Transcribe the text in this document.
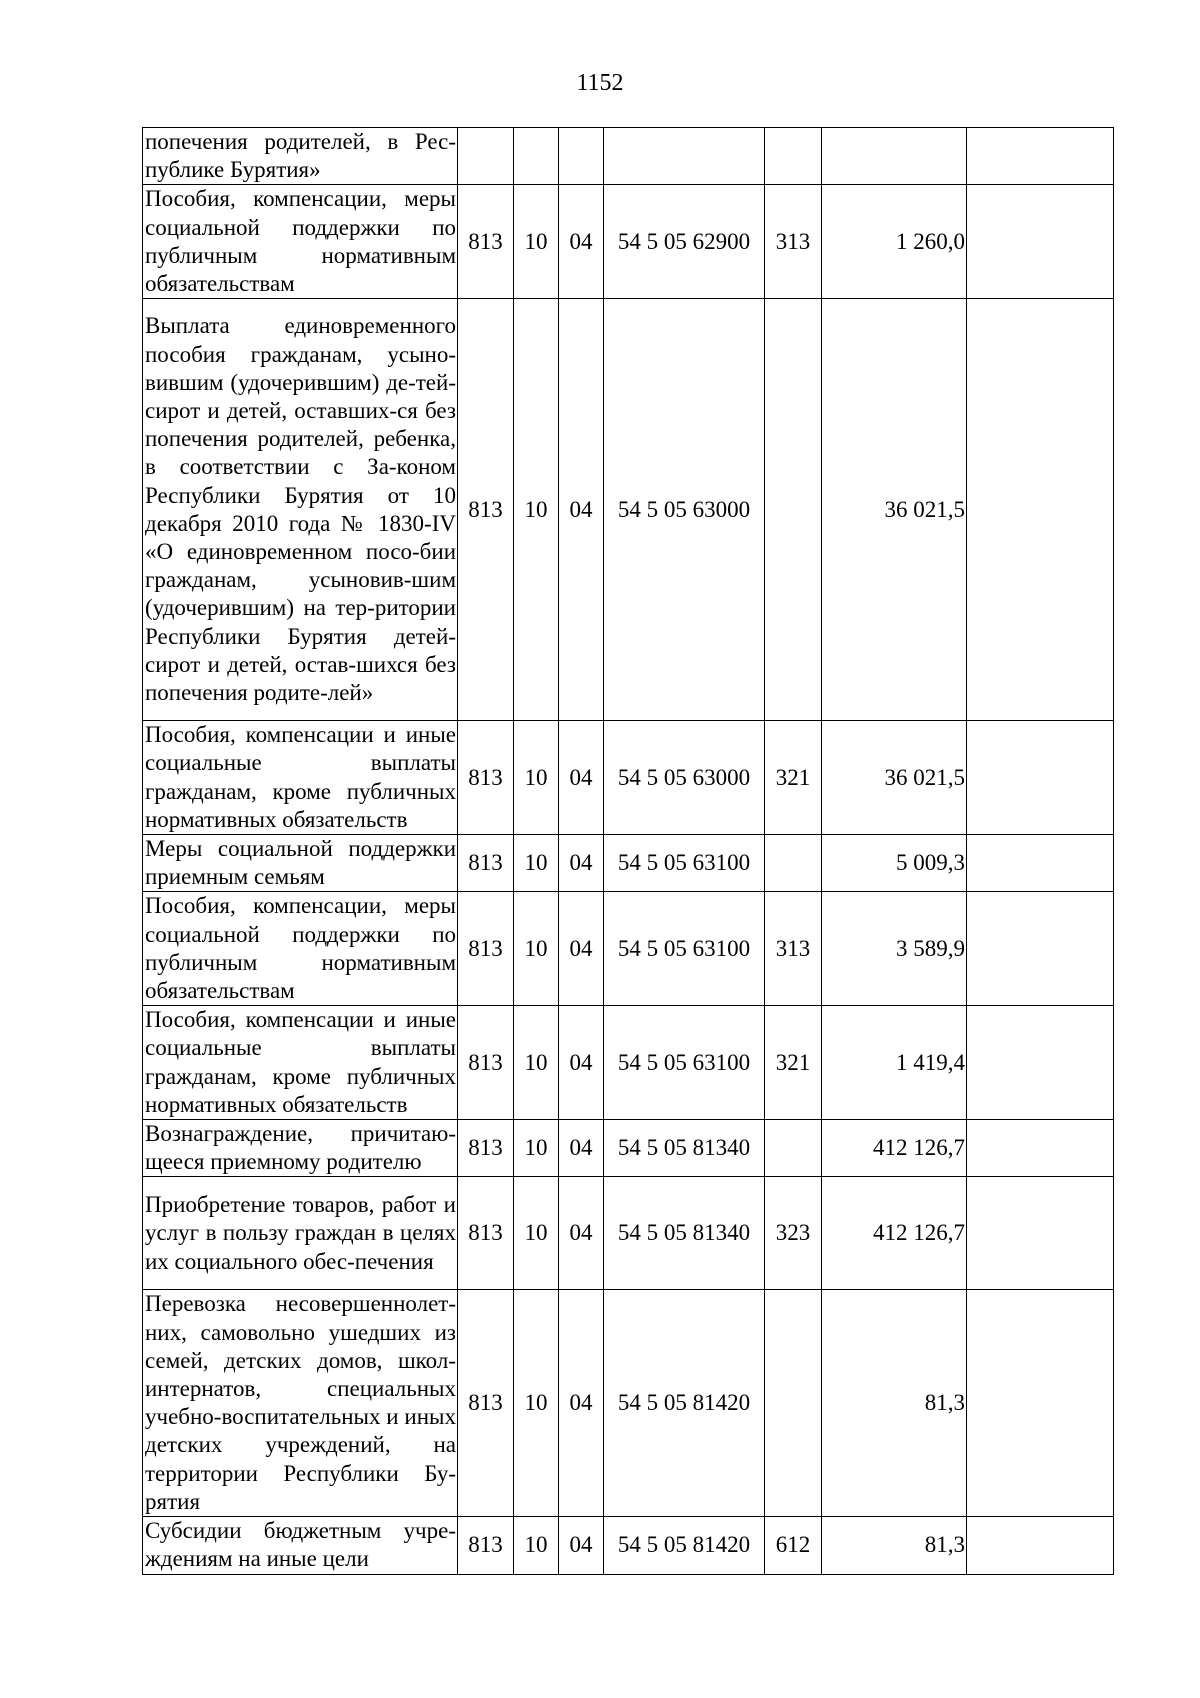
1152
попечения родителей, в Рес-публике Бурятия»							
Пособия, компенсации, меры социальной поддержки по публичным нормативным обязательствам	813	10	04	54 5 05 62900	313	1 260,0	
Выплата единовременного пособия гражданам, усыно-вившим (удочерившим) де-тей-сирот и детей, оставших-ся без попечения родителей, ребенка, в соответствии с За-коном Республики Бурятия от 10 декабря 2010 года № 1830-IV «О единовременном посо-бии гражданам, усыновив-шим (удочерившим) на тер-ритории Республики Бурятия детей-сирот и детей, остав-шихся без попечения родите-лей»	813	10	04	54 5 05 63000		36 021,5	
Пособия, компенсации и иные социальные выплаты гражданам, кроме публичных нормативных обязательств	813	10	04	54 5 05 63000	321	36 021,5	
Меры социальной поддержки приемным семьям	813	10	04	54 5 05 63100		5 009,3	
Пособия, компенсации, меры социальной поддержки по публичным нормативным обязательствам	813	10	04	54 5 05 63100	313	3 589,9	
Пособия, компенсации и иные социальные выплаты гражданам, кроме публичных нормативных обязательств	813	10	04	54 5 05 63100	321	1 419,4	
Вознаграждение, причитаю-щееся приемному родителю	813	10	04	54 5 05 81340		412 126,7	
Приобретение товаров, работ и услуг в пользу граждан в целях их социального обес-печения	813	10	04	54 5 05 81340	323	412 126,7	
Перевозка несовершеннолет-них, самовольно ушедших из семей, детских домов, школ-интернатов, специальных учебно-воспитательных и иных детских учреждений, на территории Республики Бу-рятия	813	10	04	54 5 05 81420		81,3	
Субсидии бюджетным учре-ждениям на иные цели	813	10	04	54 5 05 81420	612	81,3	
